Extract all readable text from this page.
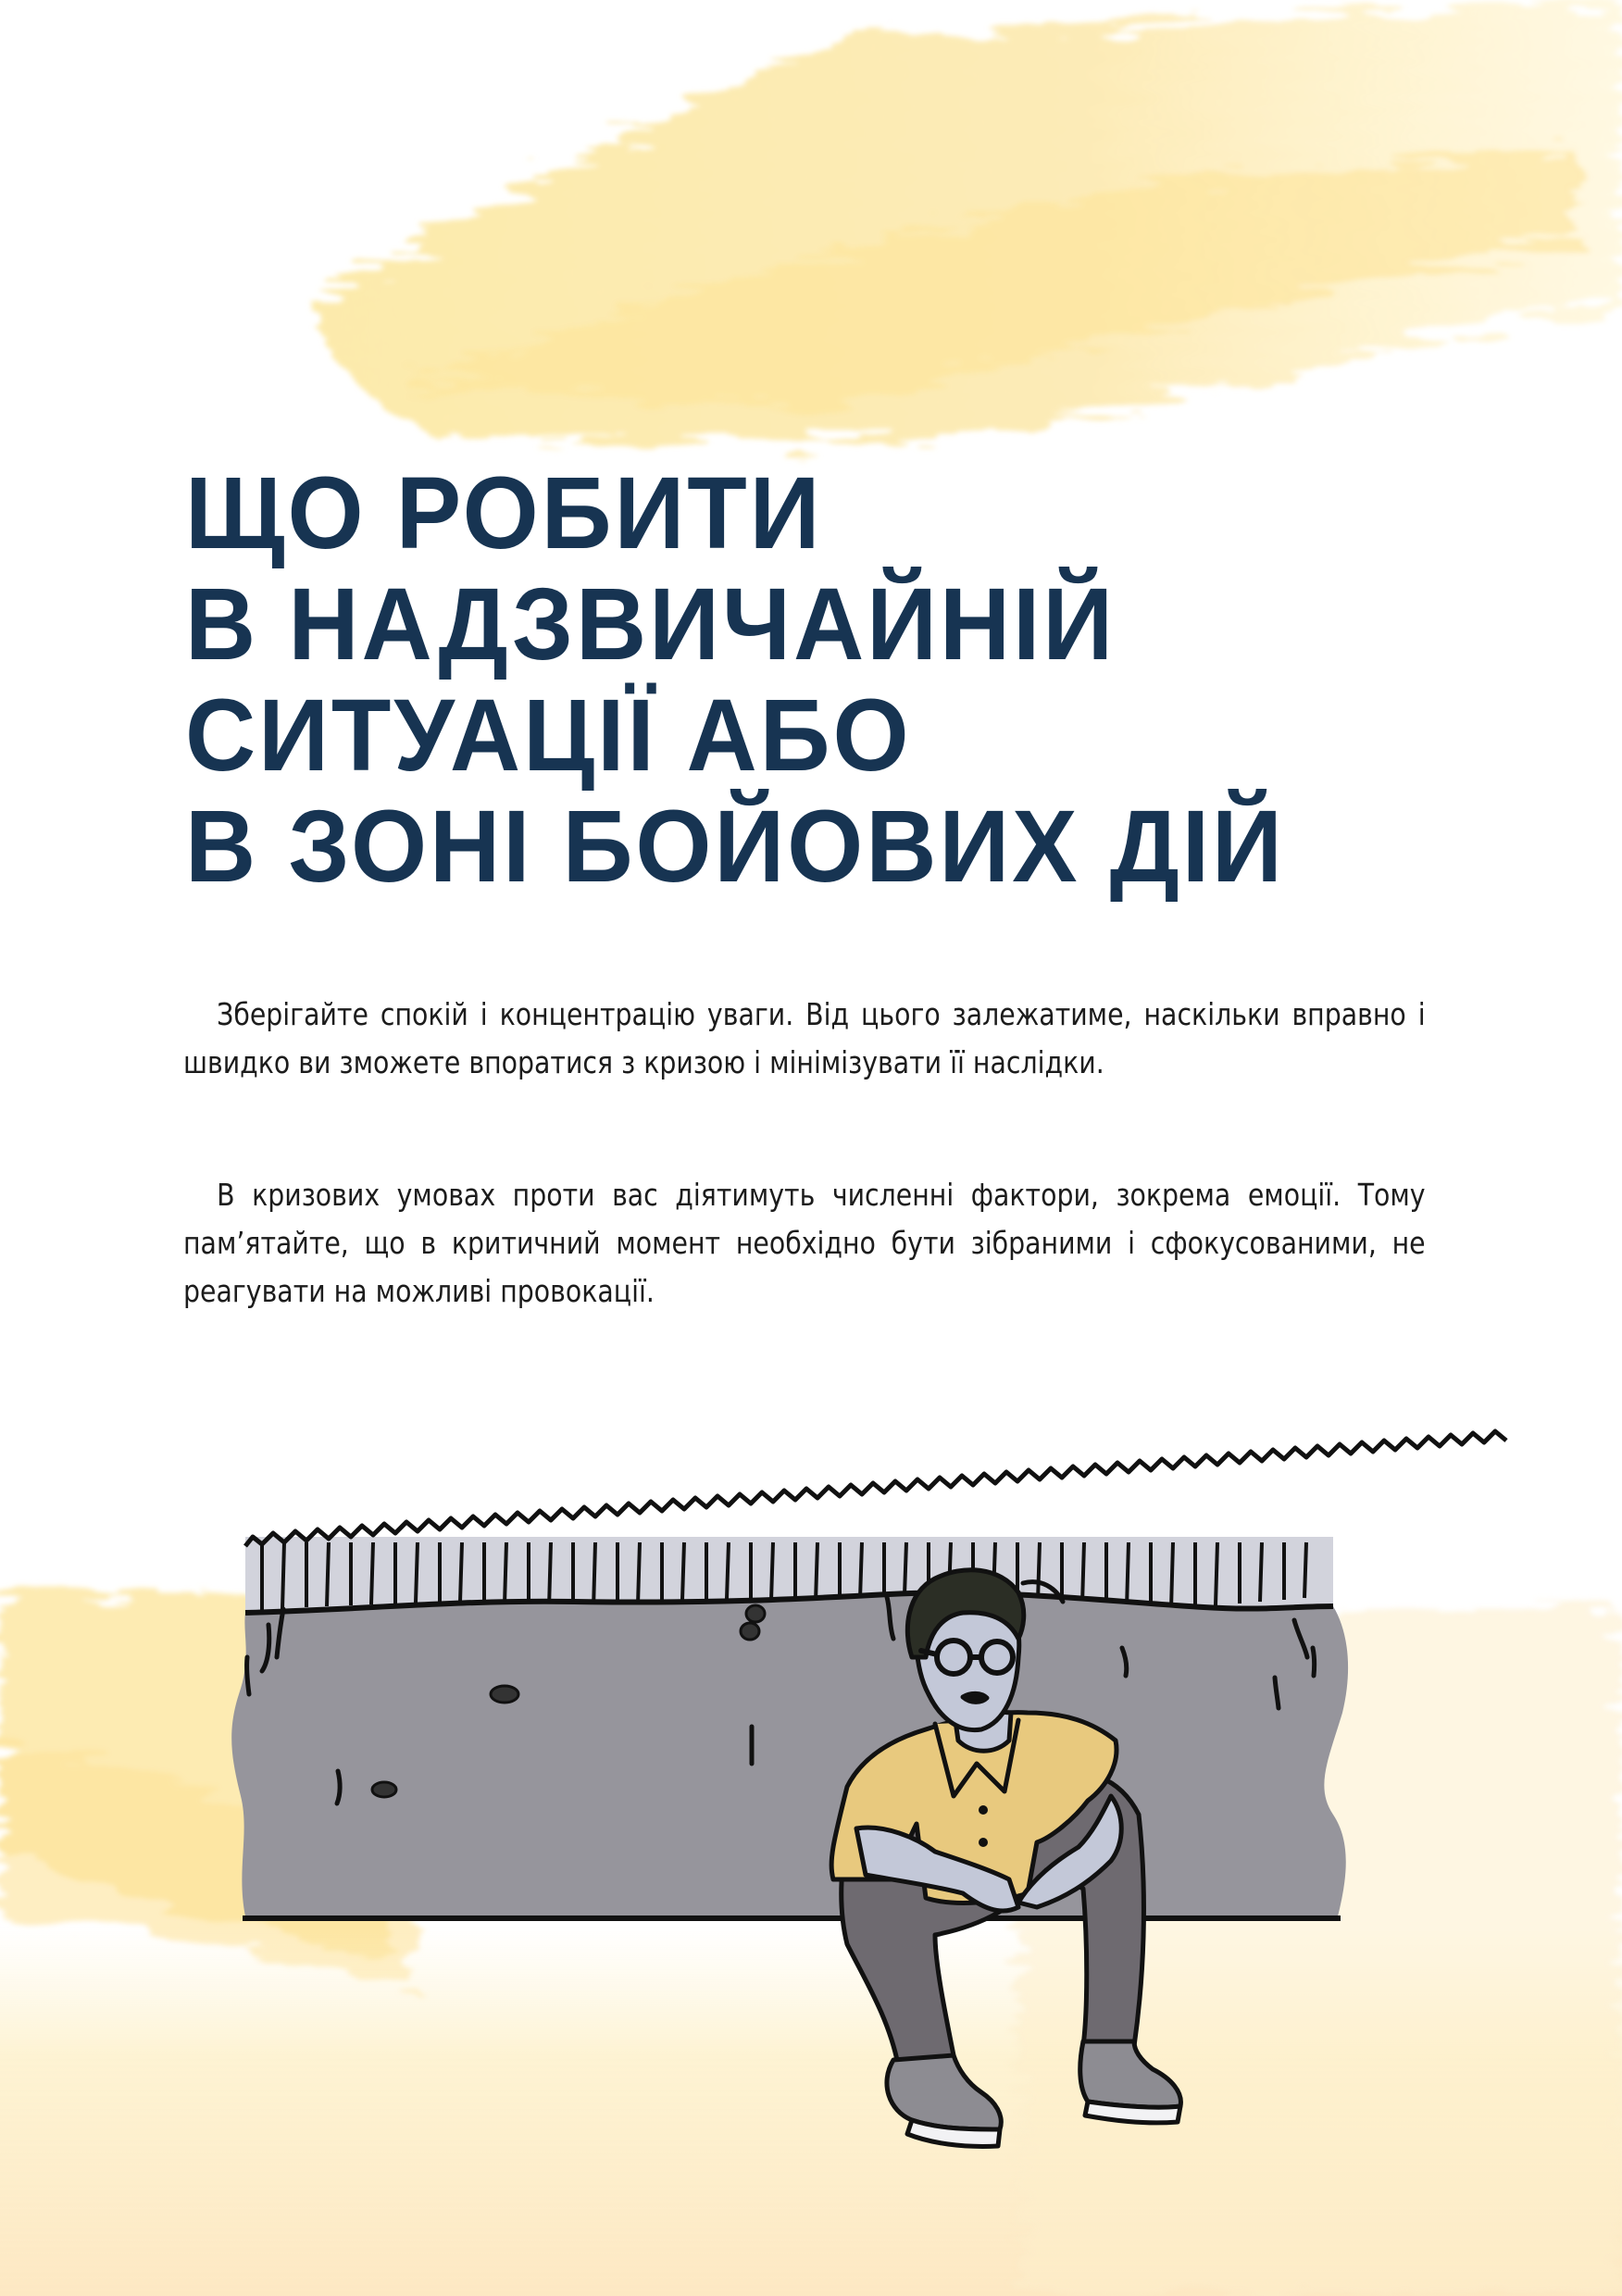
ЩО РОБИТИ
В НАДЗВИЧАЙНІЙ
СИТУАЦІЇ АБО
В ЗОНІ БОЙОВИХ ДІЙ

Зберігайте спокій і концентрацію уваги. Від цього залежатиме, наскільки вправно і швидко ви зможете впоратися з кризою і мінімізувати її наслідки.

В кризових умовах проти вас діятимуть численні фактори, зокрема емоції. Тому пам’ятайте, що в критичний момент необхідно бути зібраними і сфокусованими, не реагувати на можливі провокації.
